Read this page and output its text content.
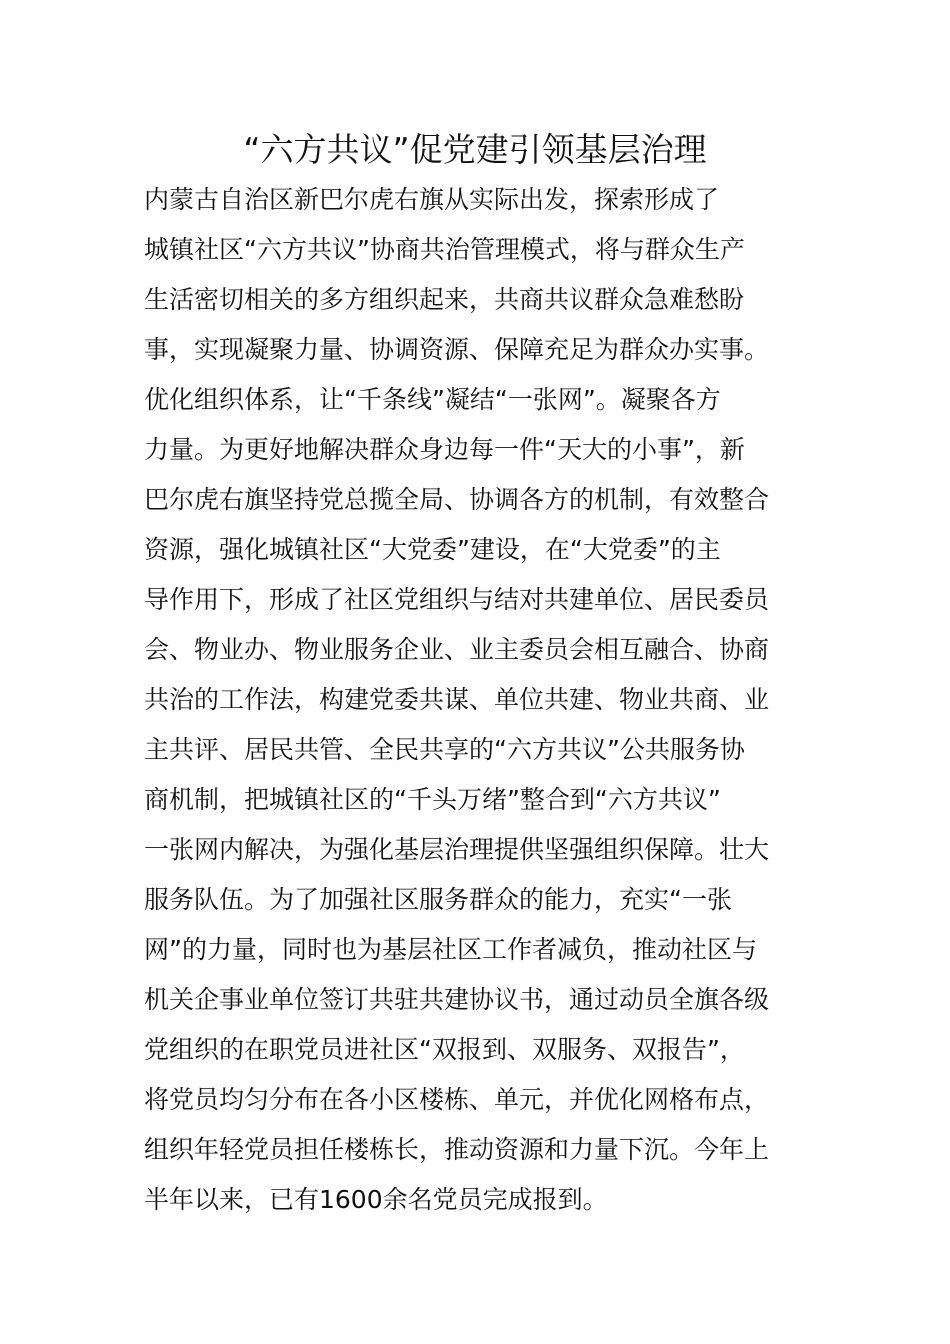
“六方共议”促党建引领基层治理

内蒙古自治区新巴尔虎右旗从实际出发，探索形成了

城镇社区“六方共议”协商共治管理模式，将与群众生产

生活密切相关的多方组织起来，共商共议群众急难愁盼

事，实现凝聚力量、协调资源、保障充足为群众办实事。

优化组织体系，让“千条线”凝结“一张网”。凝聚各方

力量。为更好地解决群众身边每一件“天大的小事”，新

巴尔虎右旗坚持党总揽全局、协调各方的机制，有效整合

资源，强化城镇社区“大党委”建设，在“大党委”的主

导作用下，形成了社区党组织与结对共建单位、居民委员

会、物业办、物业服务企业、业主委员会相互融合、协商

共治的工作法，构建党委共谋、单位共建、物业共商、业

主共评、居民共管、全民共享的“六方共议”公共服务协

商机制，把城镇社区的“千头万绪”整合到“六方共议”

一张网内解决，为强化基层治理提供坚强组织保障。壮大

服务队伍。为了加强社区服务群众的能力，充实“一张

网”的力量，同时也为基层社区工作者减负，推动社区与

机关企事业单位签订共驻共建协议书，通过动员全旗各级

党组织的在职党员进社区“双报到、双服务、双报告”，

将党员均匀分布在各小区楼栋、单元，并优化网格布点，

组织年轻党员担任楼栋长，推动资源和力量下沉。今年上

半年以来，已有1600余名党员完成报到。
